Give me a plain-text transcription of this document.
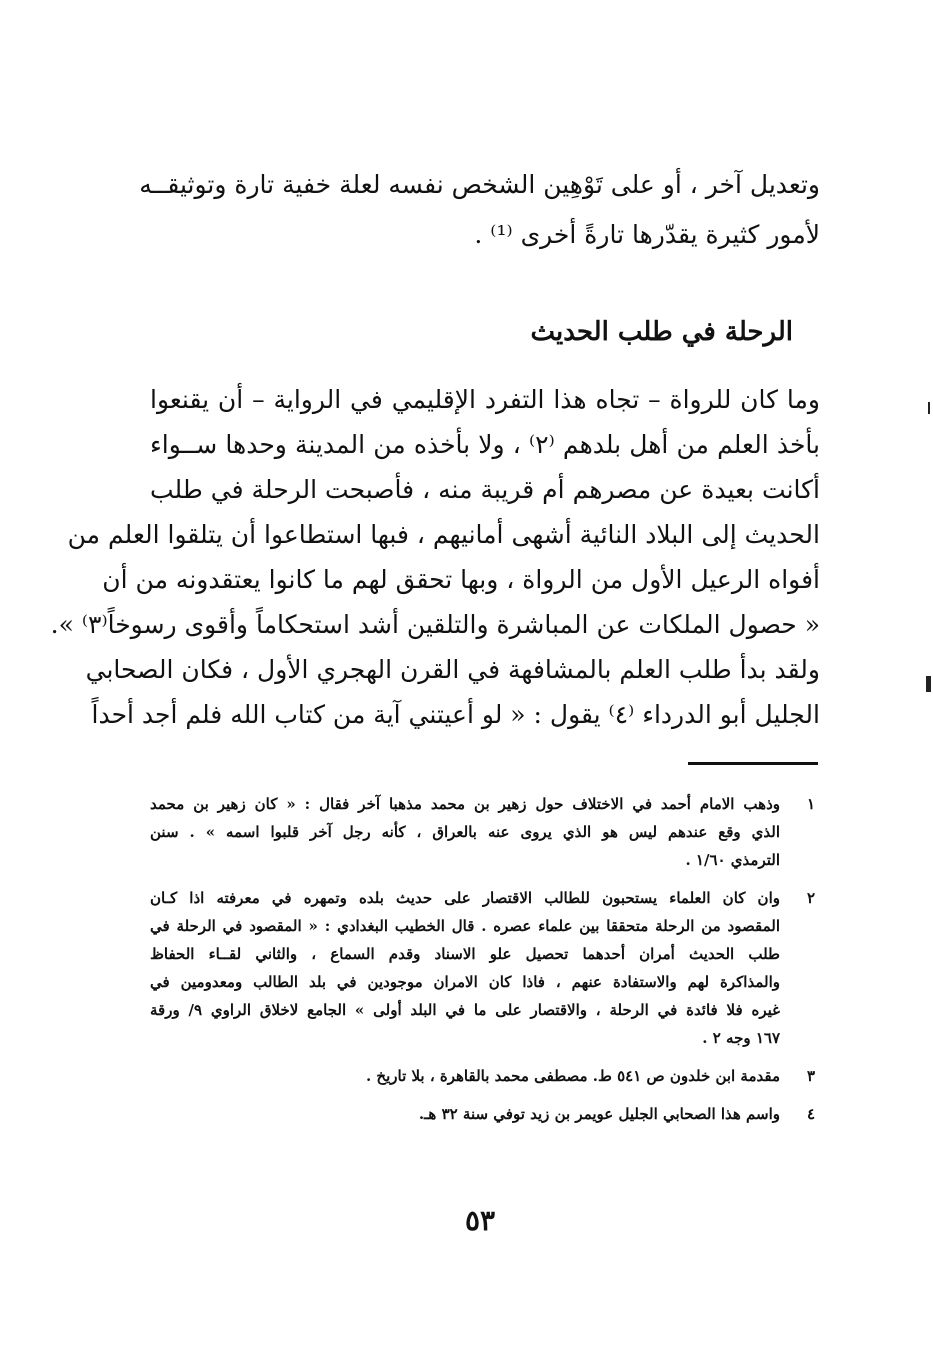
وتعديل آخر ، أو على تَوْهِين الشخص نفسه لعلة خفية تارة وتوثيقــه
لأمور كثيرة يقدّرها تارةً أخرى ⁽¹⁾ .
الرحلة في طلب الحديث
وما كان للرواة – تجاه هذا التفرد الإقليمي في الرواية – أن يقنعوا
بأخذ العلم من أهل بلدهم ⁽٢⁾ ، ولا بأخذه من المدينة وحدها ســواء
أكانت بعيدة عن مصرهم أم قريبة منه ، فأصبحت الرحلة في طلب
الحديث إلى البلاد النائية أشهى أمانيهم ، فبها استطاعوا أن يتلقوا العلم من
أفواه الرعيل الأول من الرواة ، وبها تحقق لهم ما كانوا يعتقدونه من أن
« حصول الملكات عن المباشرة والتلقين أشد استحكاماً وأقوى رسوخاً⁽٣⁾ ».
ولقد بدأ طلب العلم بالمشافهة في القرن الهجري الأول ، فكان الصحابي
الجليل أبو الدرداء ⁽٤⁾ يقول : « لو أعيتني آية من كتاب الله فلم أجد أحداً
١
وذهب الامام أحمد في الاختلاف حول زهير بن محمد مذهبا آخر فقال : « كان زهير بن محمد
الذي وقع عندهم ليس هو الذي يروى عنه بالعراق ، كأنه رجل آخر قلبوا اسمه » . سنن
الترمذي ١/٦٠ .
٢
وان كان العلماء يستحبون للطالب الاقتصار على حديث بلده وتمهره في معرفته اذا كـان
المقصود من الرحلة متحققا بين علماء عصره . قال الخطيب البغدادي : « المقصود في الرحلة في
طلب الحديث أمران أحدهما تحصيل علو الاسناد وقدم السماع ، والثاني لقــاء الحفاظ
والمذاكرة لهم والاستفادة عنهم ، فاذا كان الامران موجودين في بلد الطالب ومعدومين في
غيره فلا فائدة في الرحلة ، والاقتصار على ما في البلد أولى » الجامع لاخلاق الراوي ٩/ ورقة
١٦٧ وجه ٢ .
٣
مقدمة ابن خلدون ص ٥٤١ ط. مصطفى محمد بالقاهرة ، بلا تاريخ .
٤
واسم هذا الصحابي الجليل عويمر بن زيد توفي سنة ٣٢ هـ.
٥٣
